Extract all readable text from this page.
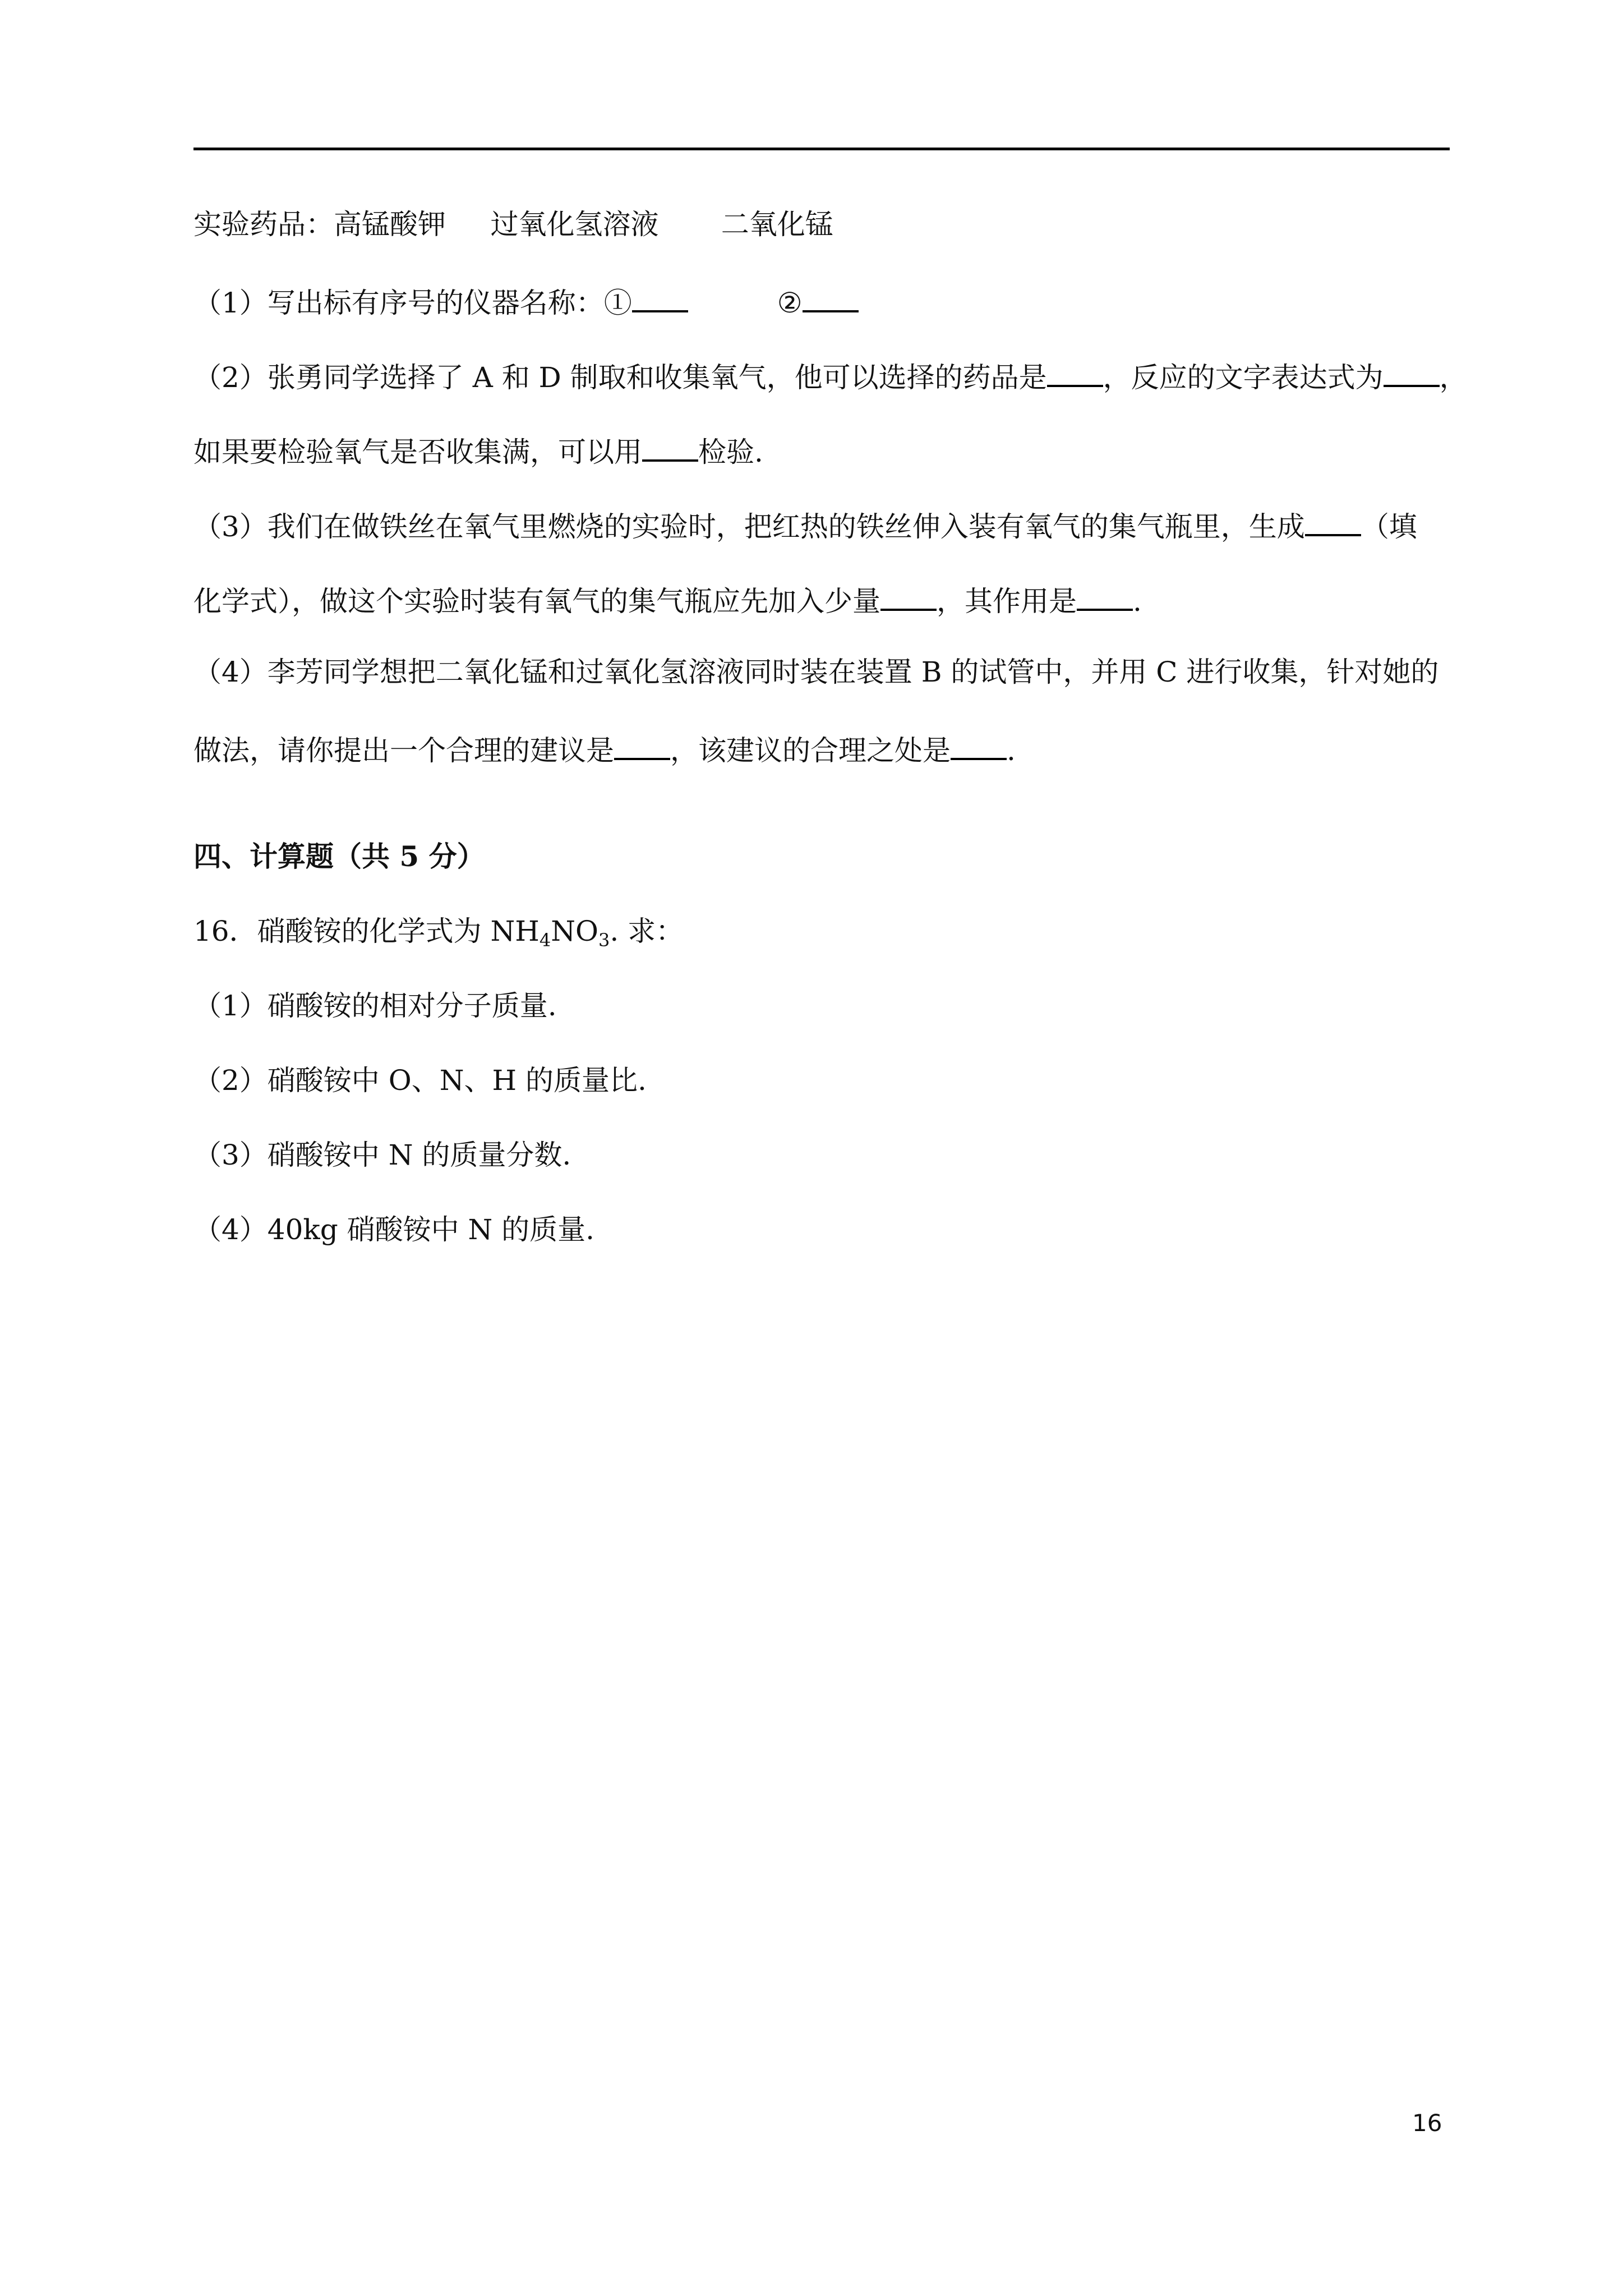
实验药品：高锰酸钾     过氧化氢溶液       二氧化锰
（1）写出标有序号的仪器名称：①          ②
（2）张勇同学选择了 A 和 D 制取和收集氧气，他可以选择的药品是 ，反应的文字表达式为 ，
如果要检验氧气是否收集满，可以用 检验.
（3）我们在做铁丝在氧气里燃烧的实验时，把红热的铁丝伸入装有氧气的集气瓶里，生成 （填
化学式），做这个实验时装有氧气的集气瓶应先加入少量 ，其作用是 .
（4）李芳同学想把二氧化锰和过氧化氢溶液同时装在装置 B 的试管中，并用 C 进行收集，针对她的
做法，请你提出一个合理的建议是 ，该建议的合理之处是 .
四、计算题（共 5 分）
16．硝酸铵的化学式为 $NH_4NO_3$. 求：
（1）硝酸铵的相对分子质量.
（2）硝酸铵中 O、N、H 的质量比.
（3）硝酸铵中 N 的质量分数.
（4）40kg 硝酸铵中 N 的质量.
16
